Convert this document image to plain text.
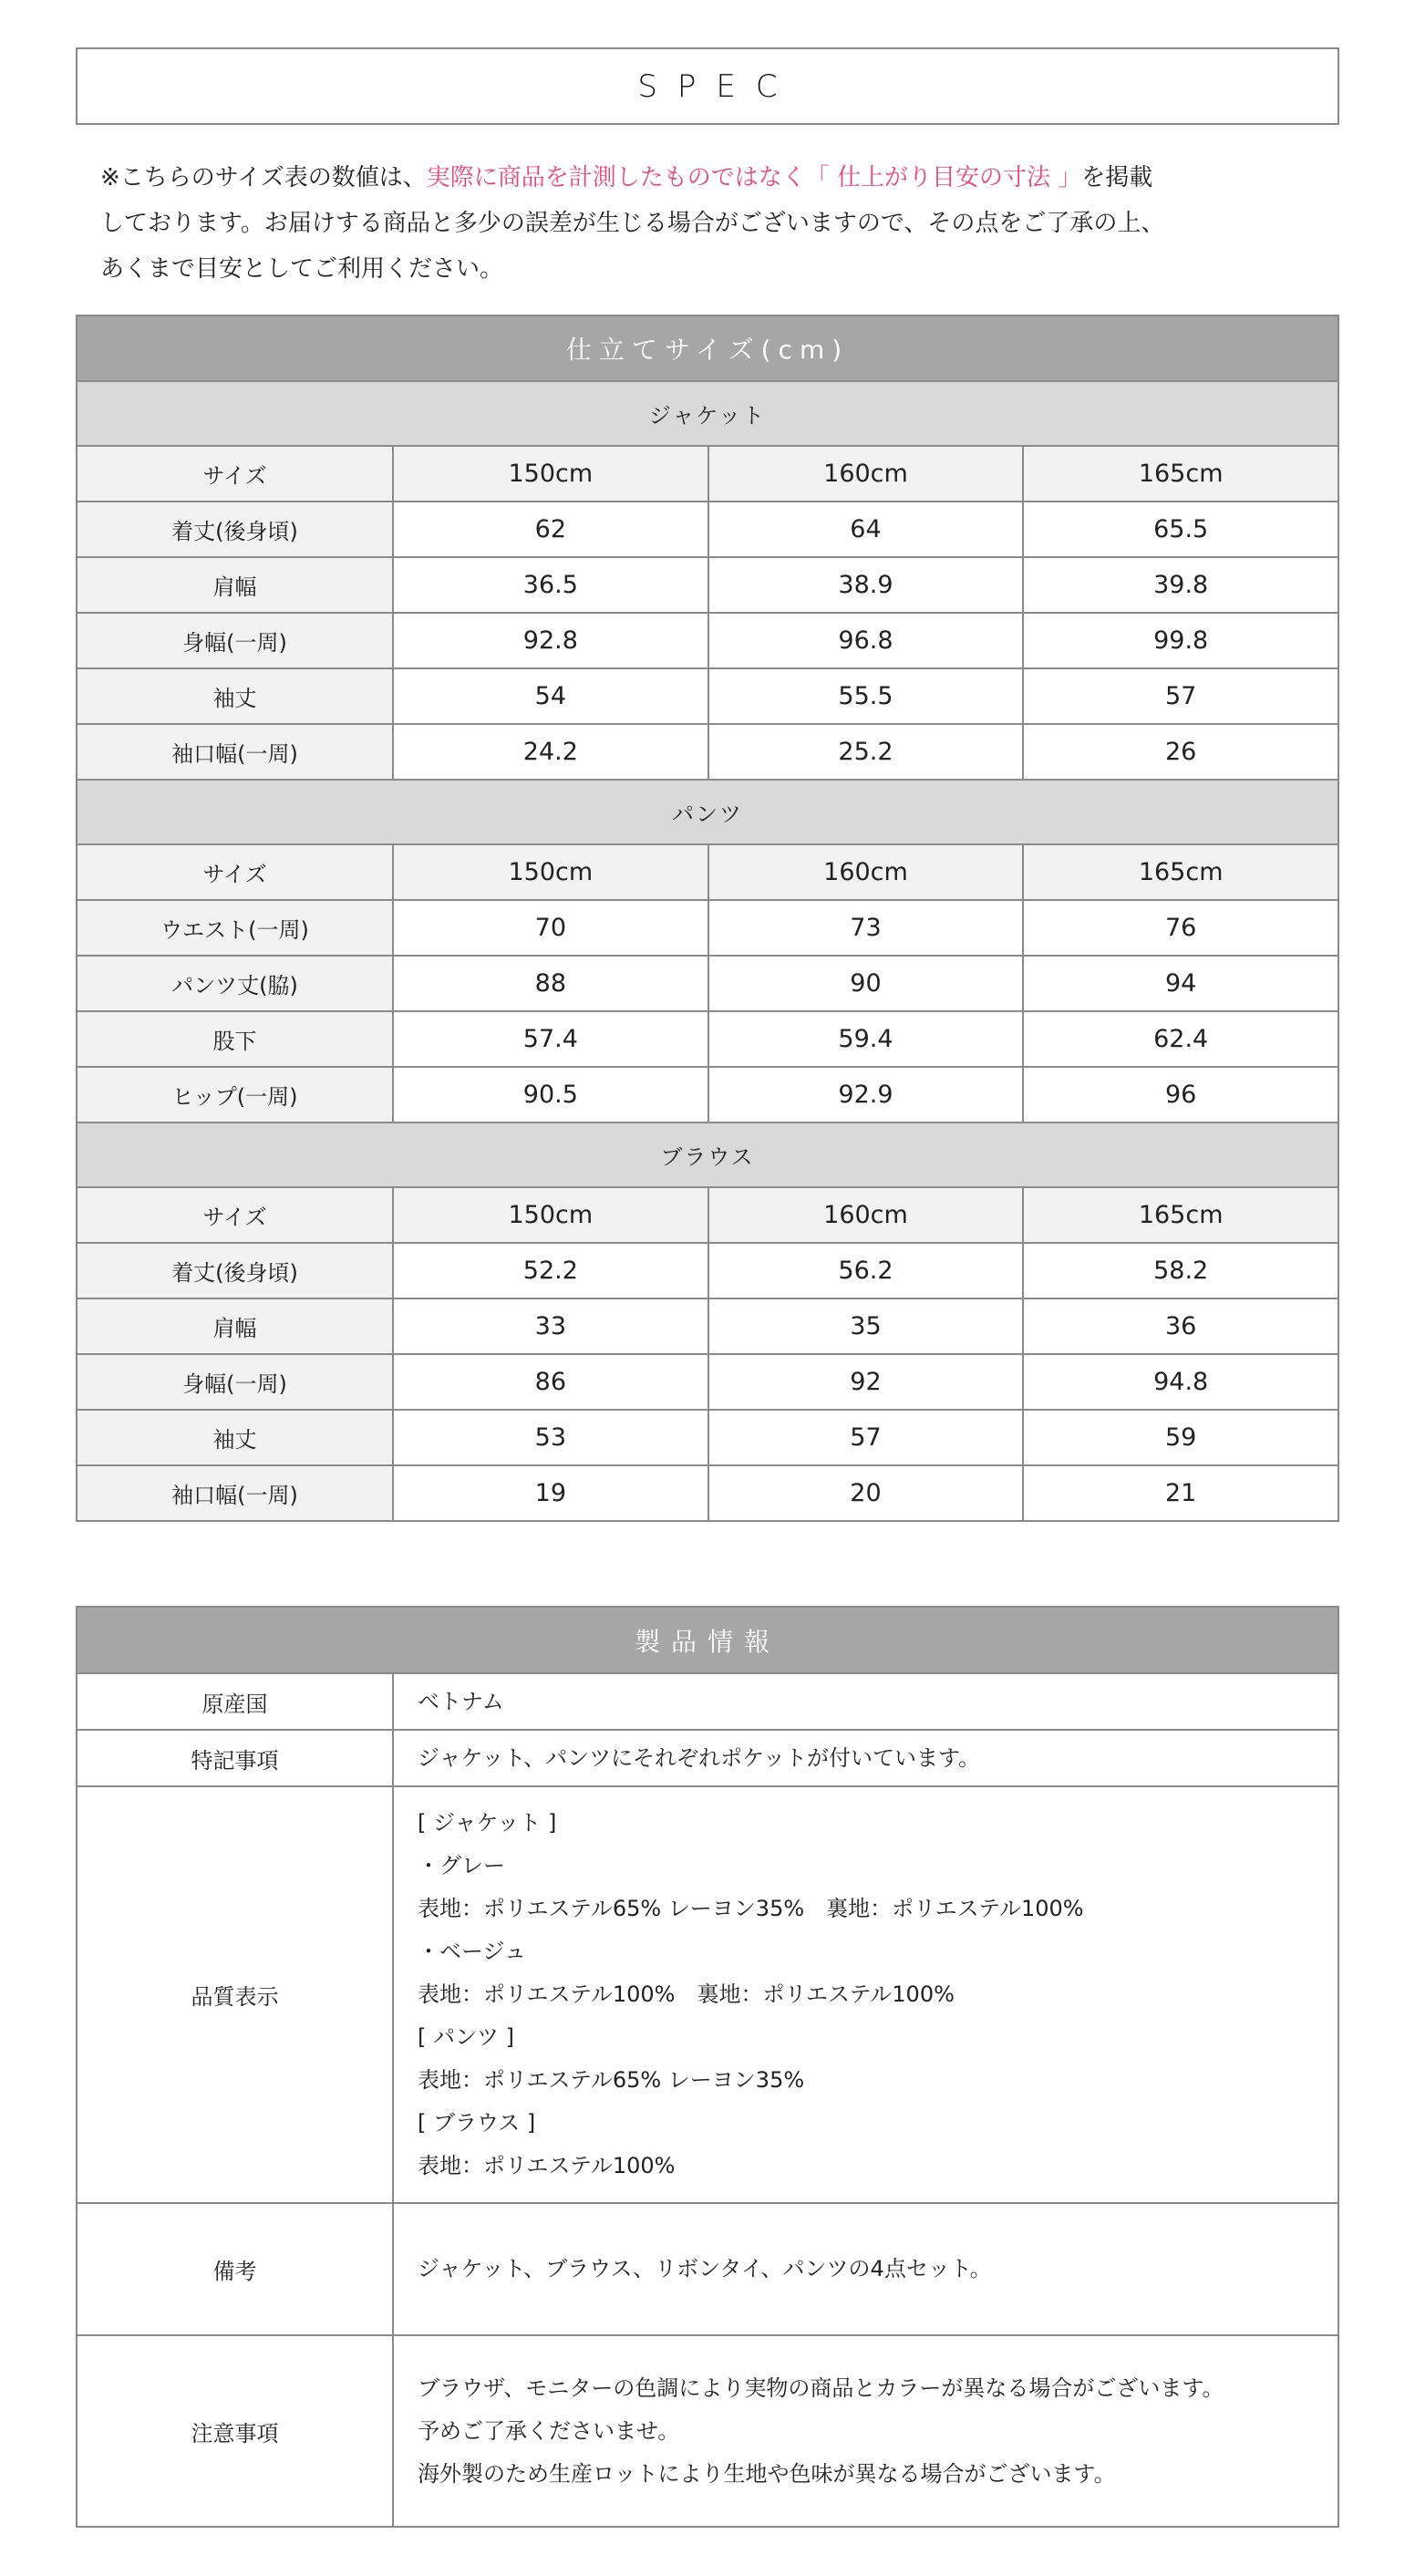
SPEC
※こちらのサイズ表の数値は、実際に商品を計測したものではなく「 仕上がり目安の寸法 」を掲載
しております。お届けする商品と多少の誤差が生じる場合がございますので、その点をご了承の上、
あくまで目安としてご利用ください。
仕立てサイズ(cm)			
ジャケット			
サイズ	150cm	160cm	165cm
着丈(後身頃)	62	64	65.5
肩幅	36.5	38.9	39.8
身幅(一周)	92.8	96.8	99.8
袖丈	54	55.5	57
袖口幅(一周)	24.2	25.2	26
パンツ			
サイズ	150cm	160cm	165cm
ウエスト(一周)	70	73	76
パンツ丈(脇)	88	90	94
股下	57.4	59.4	62.4
ヒップ(一周)	90.5	92.9	96
ブラウス			
サイズ	150cm	160cm	165cm
着丈(後身頃)	52.2	56.2	58.2
肩幅	33	35	36
身幅(一周)	86	92	94.8
袖丈	53	57	59
袖口幅(一周)	19	20	21
製品情報	
原産国	ベトナム

特記事項	ジャケット、パンツにそれぞれポケットが付いています。

品質表示	
[ ジャケット ]
・グレー
表地：ポリエステル65% レーヨン35%　裏地：ポリエステル100%
・ベージュ
表地：ポリエステル100%　裏地：ポリエステル100%
[ パンツ ]
表地：ポリエステル65% レーヨン35%
[ ブラウス ]
表地：ポリエステル100%

備考	ジャケット、ブラウス、リボンタイ、パンツの4点セット。

注意事項	ブラウザ、モニターの色調により実物の商品とカラーが異なる場合がございます。
予めご了承くださいませ。
海外製のため生産ロットにより生地や色味が異なる場合がございます。
